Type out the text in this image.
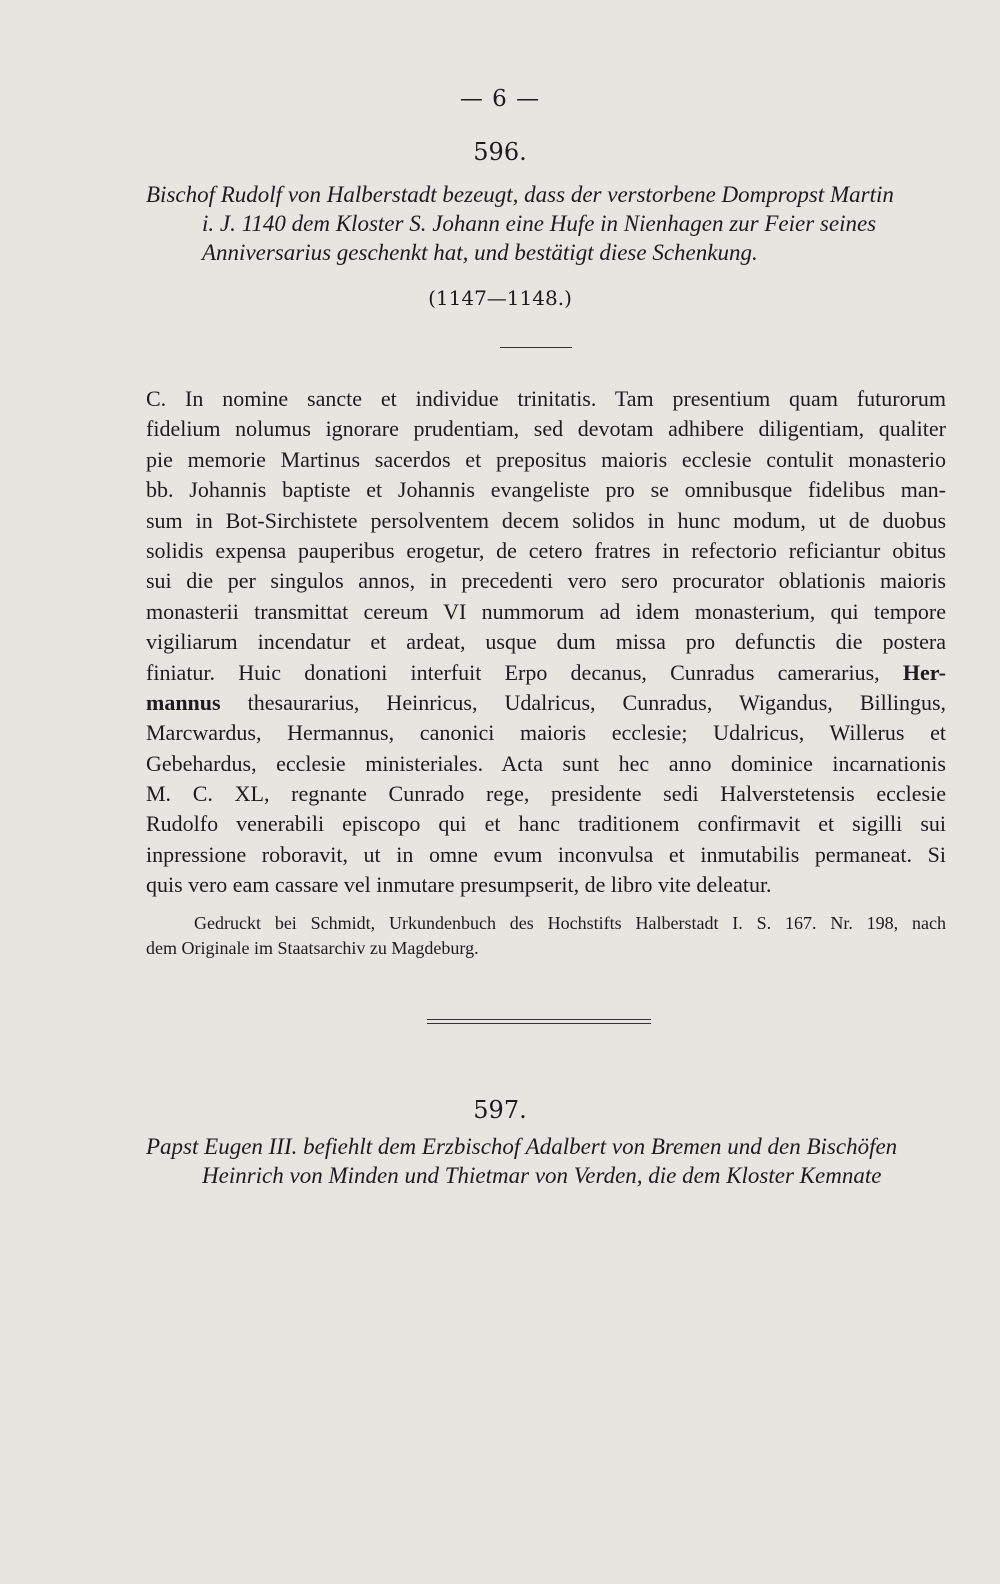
— 6 —
596.
Bischof Rudolf von Halberstadt bezeugt, dass der verstorbene Dompropst Martin
i. J. 1140 dem Kloster S. Johann eine Hufe in Nienhagen zur Feier seines
Anniversarius geschenkt hat, und bestätigt diese Schenkung.
(1147—1148.)
C. In nomine sancte et individue trinitatis. Tam presentium quam futurorum
fidelium nolumus ignorare prudentiam, sed devotam adhibere diligentiam, qualiter
pie memorie Martinus sacerdos et prepositus maioris ecclesie contulit monasterio
bb. Johannis baptiste et Johannis evangeliste pro se omnibusque fidelibus man-
sum in Bot-Sirchistete persolventem decem solidos in hunc modum, ut de duobus
solidis expensa pauperibus erogetur, de cetero fratres in refectorio reficiantur obitus
sui die per singulos annos, in precedenti vero sero procurator oblationis maioris
monasterii transmittat cereum VI nummorum ad idem monasterium, qui tempore
vigiliarum incendatur et ardeat, usque dum missa pro defunctis die postera
finiatur. Huic donationi interfuit Erpo decanus, Cunradus camerarius, Her-
mannus thesaurarius, Heinricus, Udalricus, Cunradus, Wigandus, Billingus,
Marcwardus, Hermannus, canonici maioris ecclesie; Udalricus, Willerus et
Gebehardus, ecclesie ministeriales. Acta sunt hec anno dominice incarnationis
M. C. XL, regnante Cunrado rege, presidente sedi Halverstetensis ecclesie
Rudolfo venerabili episcopo qui et hanc traditionem confirmavit et sigilli sui
inpressione roboravit, ut in omne evum inconvulsa et inmutabilis permaneat. Si
quis vero eam cassare vel inmutare presumpserit, de libro vite deleatur.
Gedruckt bei Schmidt, Urkundenbuch des Hochstifts Halberstadt I. S. 167. Nr. 198, nach
dem Originale im Staatsarchiv zu Magdeburg.
597.
Papst Eugen III. befiehlt dem Erzbischof Adalbert von Bremen und den Bischöfen
Heinrich von Minden und Thietmar von Verden, die dem Kloster Kemnate
